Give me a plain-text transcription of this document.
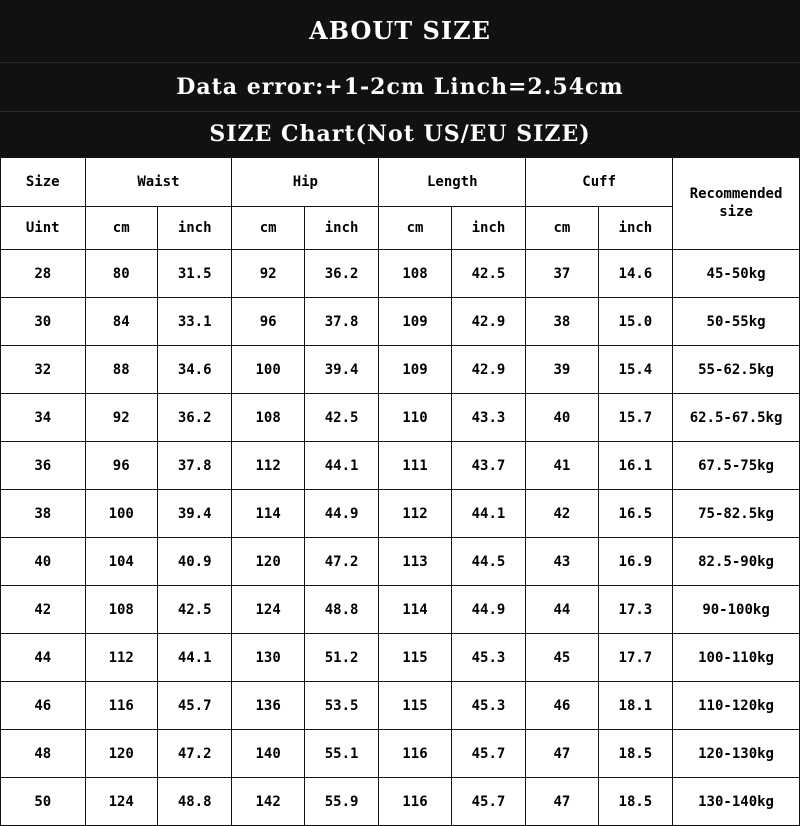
ABOUT SIZE
Data error:+1-2cm Linch=2.54cm
SIZE Chart(Not US/EU SIZE)
Size	Waist		Hip		Length		Cuff		Recommended size
Uint	cm	inch	cm	inch	cm	inch	cm	inch	
28	80	31.5	92	36.2	108	42.5	37	14.6	45-50kg
30	84	33.1	96	37.8	109	42.9	38	15.0	50-55kg
32	88	34.6	100	39.4	109	42.9	39	15.4	55-62.5kg
34	92	36.2	108	42.5	110	43.3	40	15.7	62.5-67.5kg
36	96	37.8	112	44.1	111	43.7	41	16.1	67.5-75kg
38	100	39.4	114	44.9	112	44.1	42	16.5	75-82.5kg
40	104	40.9	120	47.2	113	44.5	43	16.9	82.5-90kg
42	108	42.5	124	48.8	114	44.9	44	17.3	90-100kg
44	112	44.1	130	51.2	115	45.3	45	17.7	100-110kg
46	116	45.7	136	53.5	115	45.3	46	18.1	110-120kg
48	120	47.2	140	55.1	116	45.7	47	18.5	120-130kg
50	124	48.8	142	55.9	116	45.7	47	18.5	130-140kg
